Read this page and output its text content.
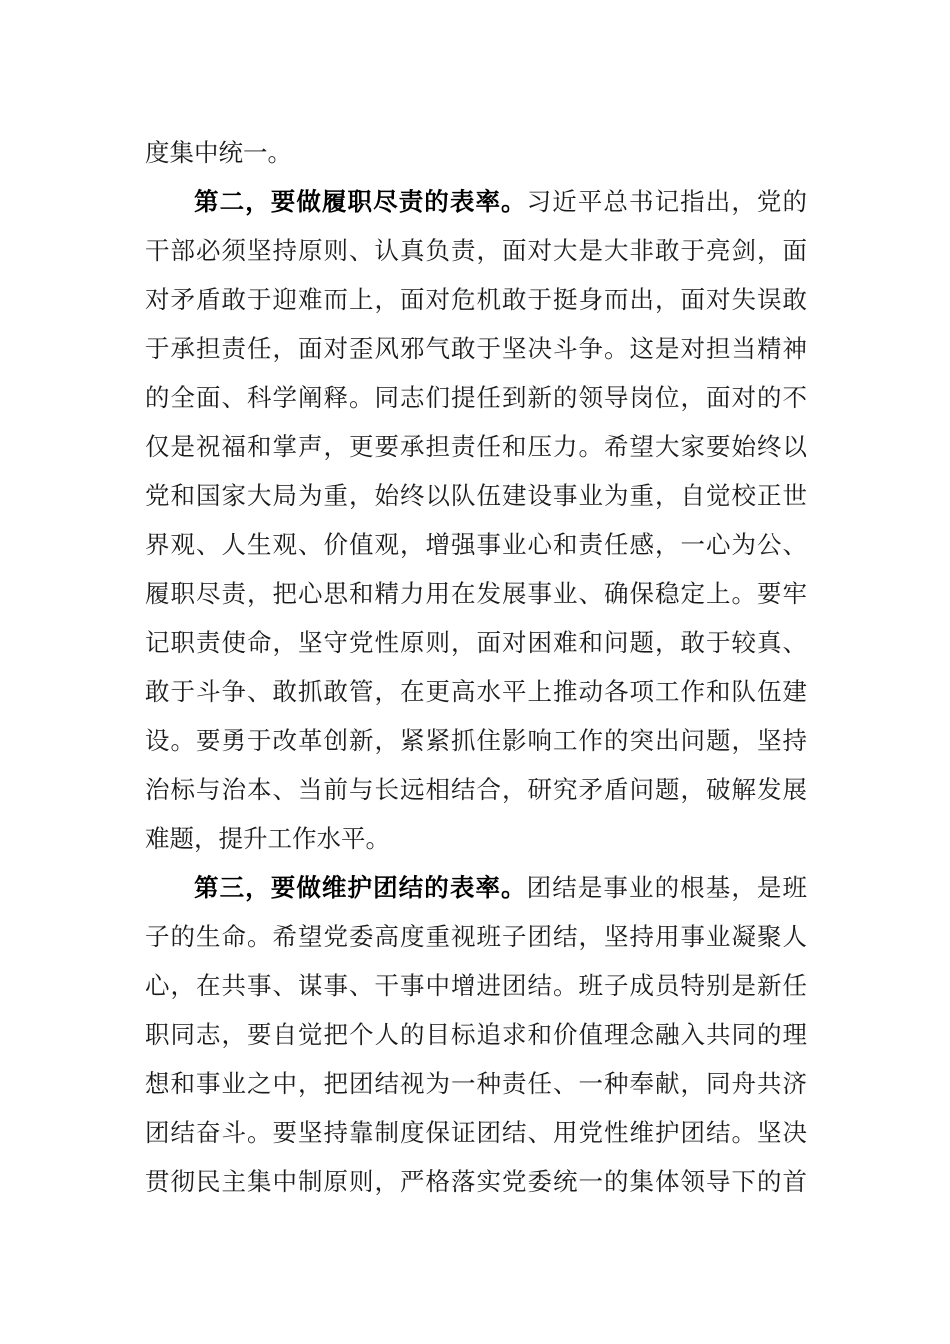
度集中统一。
第二，要做履职尽责的表率。习近平总书记指出，党的
干部必须坚持原则、认真负责，面对大是大非敢于亮剑，面
对矛盾敢于迎难而上，面对危机敢于挺身而出，面对失误敢
于承担责任，面对歪风邪气敢于坚决斗争。这是对担当精神
的全面、科学阐释。同志们提任到新的领导岗位，面对的不
仅是祝福和掌声，更要承担责任和压力。希望大家要始终以
党和国家大局为重，始终以队伍建设事业为重，自觉校正世
界观、人生观、价值观，增强事业心和责任感，一心为公、
履职尽责，把心思和精力用在发展事业、确保稳定上。要牢
记职责使命，坚守党性原则，面对困难和问题，敢于较真、
敢于斗争、敢抓敢管，在更高水平上推动各项工作和队伍建
设。要勇于改革创新，紧紧抓住影响工作的突出问题，坚持
治标与治本、当前与长远相结合，研究矛盾问题，破解发展
难题，提升工作水平。
第三，要做维护团结的表率。团结是事业的根基，是班
子的生命。希望党委高度重视班子团结，坚持用事业凝聚人
心，在共事、谋事、干事中增进团结。班子成员特别是新任
职同志，要自觉把个人的目标追求和价值理念融入共同的理
想和事业之中，把团结视为一种责任、一种奉献，同舟共济
团结奋斗。要坚持靠制度保证团结、用党性维护团结。坚决
贯彻民主集中制原则，严格落实党委统一的集体领导下的首
